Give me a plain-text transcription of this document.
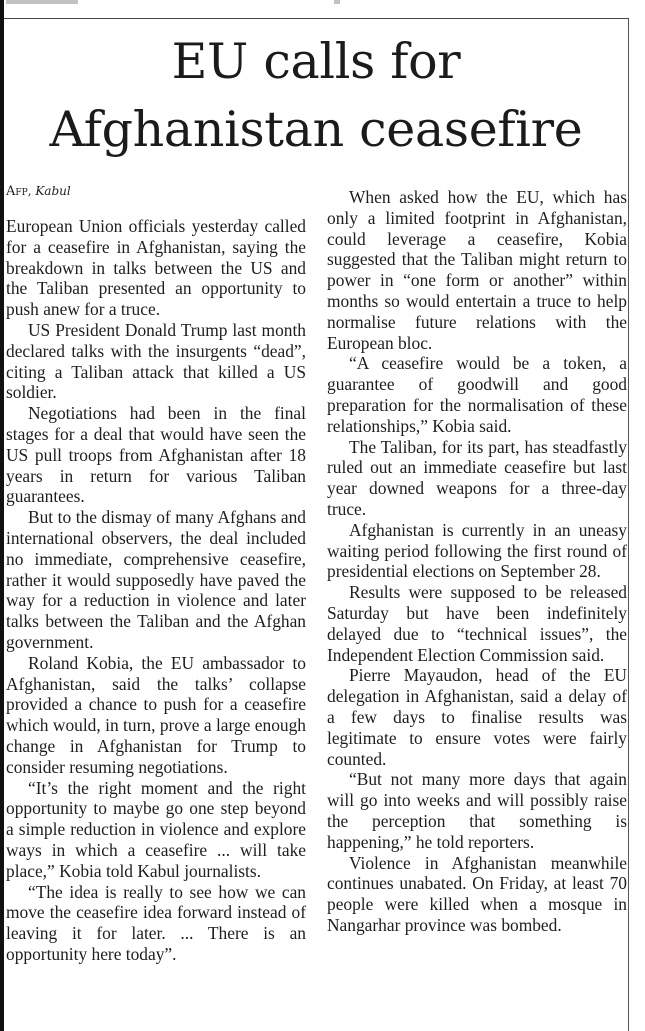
EU calls for
Afghanistan ceasefire
Afp, Kabul

European Union officials yesterday called for a ceasefire in Afghanistan, saying the breakdown in talks between the US and the Taliban presented an opportunity to push anew for a truce.

US President Donald Trump last month declared talks with the insurgents “dead”, citing a Taliban attack that killed a US soldier.

Negotiations had been in the final stages for a deal that would have seen the US pull troops from Afghanistan after 18 years in return for various Taliban guarantees.

But to the dismay of many Afghans and international observers, the deal included no immediate, comprehensive ceasefire, rather it would supposedly have paved the way for a reduction in violence and later talks between the Taliban and the Afghan government.

Roland Kobia, the EU ambassador to Afghanistan, said the talks’ collapse provided a chance to push for a ceasefire which would, in turn, prove a large enough change in Afghanistan for Trump to consider resuming negotiations.

“It’s the right moment and the right opportunity to maybe go one step beyond a simple reduction in violence and explore ways in which a ceasefire ... will take place,” Kobia told Kabul journalists.

“The idea is really to see how we can move the ceasefire idea forward instead of leaving it for later. ... There is an opportunity here today”.

When asked how the EU, which has only a limited footprint in Afghanistan, could leverage a ceasefire, Kobia suggested that the Taliban might return to power in “one form or another” within months so would entertain a truce to help normalise future relations with the European bloc.

“A ceasefire would be a token, a guarantee of goodwill and good preparation for the normalisation of these relationships,” Kobia said.

The Taliban, for its part, has steadfastly ruled out an immediate ceasefire but last year downed weapons for a three-day truce.

Afghanistan is currently in an uneasy waiting period following the first round of presidential elections on September 28.

Results were supposed to be released Saturday but have been indefinitely delayed due to “technical issues”, the Independent Election Commission said.

Pierre Mayaudon, head of the EU delegation in Afghanistan, said a delay of a few days to finalise results was legitimate to ensure votes were fairly counted.

“But not many more days that again will go into weeks and will possibly raise the perception that something is happening,” he told reporters.

Violence in Afghanistan meanwhile continues unabated. On Friday, at least 70 people were killed when a mosque in Nangarhar province was bombed.
